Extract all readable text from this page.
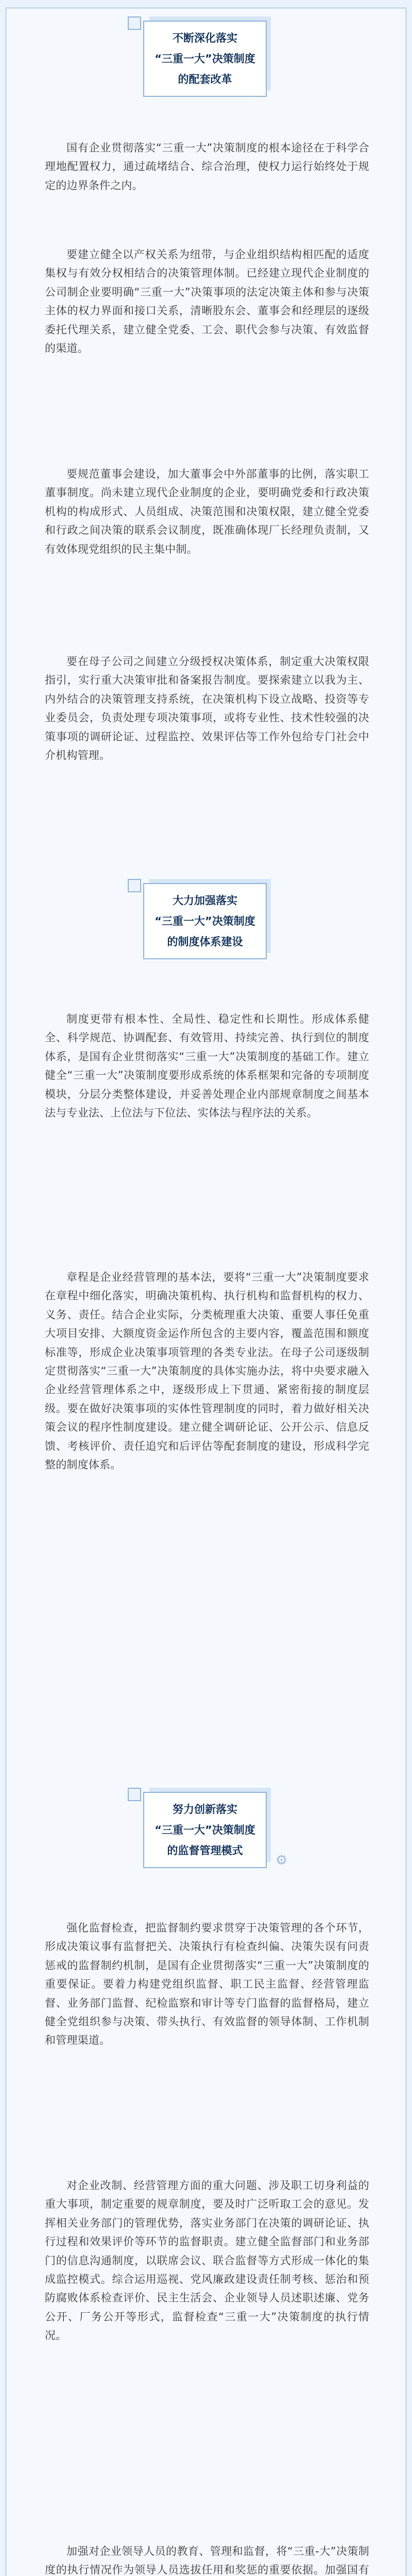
不断深化落实
“三重一大”决策制度
的配套改革

国有企业贯彻落实“三重一大”决策制度的根本途径在于科学合理地配置权力，通过疏堵结合、综合治理，使权力运行始终处于规定的边界条件之内。

要建立健全以产权关系为纽带，与企业组织结构相匹配的适度集权与有效分权相结合的决策管理体制。已经建立现代企业制度的公司制企业要明确“三重一大”决策事项的法定决策主体和参与决策主体的权力界面和接口关系，清晰股东会、董事会和经理层的逐级委托代理关系，建立健全党委、工会、职代会参与决策、有效监督的渠道。

要规范董事会建设，加大董事会中外部董事的比例，落实职工董事制度。尚未建立现代企业制度的企业，要明确党委和行政决策机构的构成形式、人员组成、决策范围和决策权限，建立健全党委和行政之间决策的联系会议制度，既准确体现厂长经理负责制，又有效体现党组织的民主集中制。

要在母子公司之间建立分级授权决策体系，制定重大决策权限指引，实行重大决策审批和备案报告制度。要探索建立以我为主、内外结合的决策管理支持系统，在决策机构下设立战略、投资等专业委员会，负责处理专项决策事项，或将专业性、技术性较强的决策事项的调研论证、过程监控、效果评估等工作外包给专门社会中介机构管理。

大力加强落实
“三重一大”决策制度
的制度体系建设

制度更带有根本性、全局性、稳定性和长期性。形成体系健全、科学规范、协调配套、有效管用、持续完善、执行到位的制度体系，是国有企业贯彻落实“三重一大”决策制度的基础工作。建立健全“三重一大”决策制度要形成系统的体系框架和完备的专项制度模块，分层分类整体建设，并妥善处理企业内部规章制度之间基本法与专业法、上位法与下位法、实体法与程序法的关系。

章程是企业经营管理的基本法，要将“三重一大”决策制度要求在章程中细化落实，明确决策机构、执行机构和监督机构的权力、义务、责任。结合企业实际，分类梳理重大决策、重要人事任免重大项目安排、大额度资金运作所包含的主要内容，覆盖范围和额度标准等，形成企业决策事项管理的各类专业法。在母子公司逐级制定贯彻落实“三重一大”决策制度的具体实施办法，将中央要求融入企业经营管理体系之中，逐级形成上下贯通、紧密衔接的制度层级。要在做好决策事项的实体性管理制度的同时，着力做好相关决策会议的程序性制度建设。建立健全调研论证、公开公示、信息反馈、考核评价、责任追究和后评估等配套制度的建设，形成科学完整的制度体系。

努力创新落实
“三重一大”决策制度
的监督管理模式
⚙

强化监督检查，把监督制约要求贯穿于决策管理的各个环节，形成决策议事有监督把关、决策执行有检查纠偏、决策失误有问责惩戒的监督制约机制，是国有企业贯彻落实“三重一大”决策制度的重要保证。要着力构建党组织监督、职工民主监督、经营管理监督、业务部门监督、纪检监察和审计等专门监督的监督格局，建立健全党组织参与决策、带头执行、有效监督的领导体制、工作机制和管理渠道。

对企业改制、经营管理方面的重大问题、涉及职工切身利益的重大事项，制定重要的规章制度，要及时广泛听取工会的意见。发挥相关业务部门的管理优势，落实业务部门在决策的调研论证、执行过程和效果评价等环节的监督职责。建立健全监督部门和业务部门的信息沟通制度，以联席会议、联合监督等方式形成一体化的集成监控模式。综合运用巡视、党风廉政建设责任制考核、惩治和预防腐败体系检查评价、民主生活会、企业领导人员述职述廉、党务公开、厂务公开等形式，监督检查“三重一大”决策制度的执行情况。

加强对企业领导人员的教育、管理和监督，将“三重-大”决策制度的执行情况作为领导人员选拔任用和奖惩的重要依据。加强国有
